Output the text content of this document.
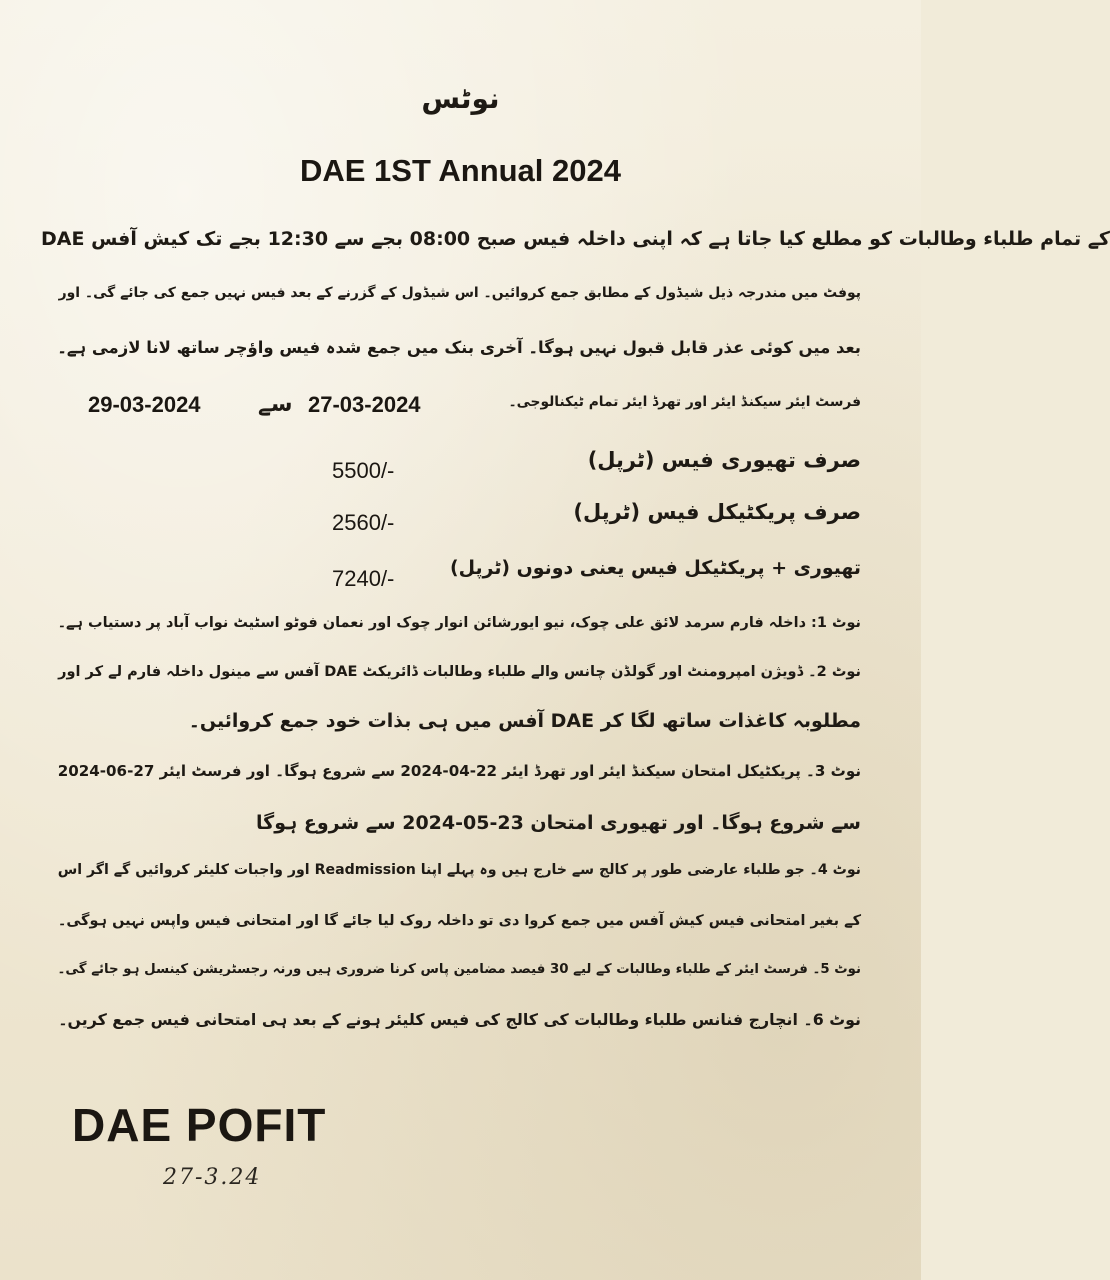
نوٹس
DAE 1ST Annual 2024
DAE کے تمام طلباء وطالبات کو مطلع کیا جاتا ہے کہ اپنی داخلہ فیس صبح 08:00 بجے سے 12:30 بجے تک کیش آفس
پوفٹ میں مندرجہ ذیل شیڈول کے مطابق جمع کروائیں۔ اس شیڈول کے گزرنے کے بعد فیس نہیں جمع کی جائے گی۔ اور
بعد میں کوئی عذر قابل قبول نہیں ہوگا۔ آخری بنک میں جمع شدہ فیس واؤچر ساتھ لانا لازمی ہے۔
فرسٹ ایئر سیکنڈ ایئر اور تھرڈ ایئر تمام ٹیکنالوجی۔
27-03-2024
سے
29-03-2024
صرف تھیوری فیس (ٹرپل)
5500/-
صرف پریکٹیکل فیس (ٹرپل)
2560/-
تھیوری + پریکٹیکل فیس یعنی دونوں (ٹرپل)
7240/-
نوٹ 1: داخلہ فارم سرمد لائق علی چوک، نیو ایورشائن انوار چوک اور نعمان فوٹو اسٹیٹ نواب آباد پر دستیاب ہے۔
نوٹ 2۔ ڈویژن امپرومنٹ اور گولڈن چانس والے طلباء وطالبات ڈائریکٹ DAE آفس سے مینول داخلہ فارم لے کر اور
مطلوبہ کاغذات ساتھ لگا کر DAE آفس میں ہی بذات خود جمع کروائیں۔
نوٹ 3۔ پریکٹیکل امتحان سیکنڈ ایئر اور تھرڈ ایئر 22-04-2024 سے شروع ہوگا۔ اور فرسٹ ایئر 27-06-2024
سے شروع ہوگا۔ اور تھیوری امتحان 23-05-2024 سے شروع ہوگا
نوٹ 4۔ جو طلباء عارضی طور پر کالج سے خارج ہیں وہ پہلے اپنا Readmission اور واجبات کلیئر کروائیں گے اگر اس
کے بغیر امتحانی فیس کیش آفس میں جمع کروا دی تو داخلہ روک لیا جائے گا اور امتحانی فیس واپس نہیں ہوگی۔
نوٹ 5۔ فرسٹ ایئر کے طلباء وطالبات کے لیے 30 فیصد مضامین پاس کرنا ضروری ہیں ورنہ رجسٹریشن کینسل ہو جائے گی۔
نوٹ 6۔ انچارج فنانس طلباء وطالبات کی کالج کی فیس کلیئر ہونے کے بعد ہی امتحانی فیس جمع کریں۔
DAE POFIT
27-3.24
